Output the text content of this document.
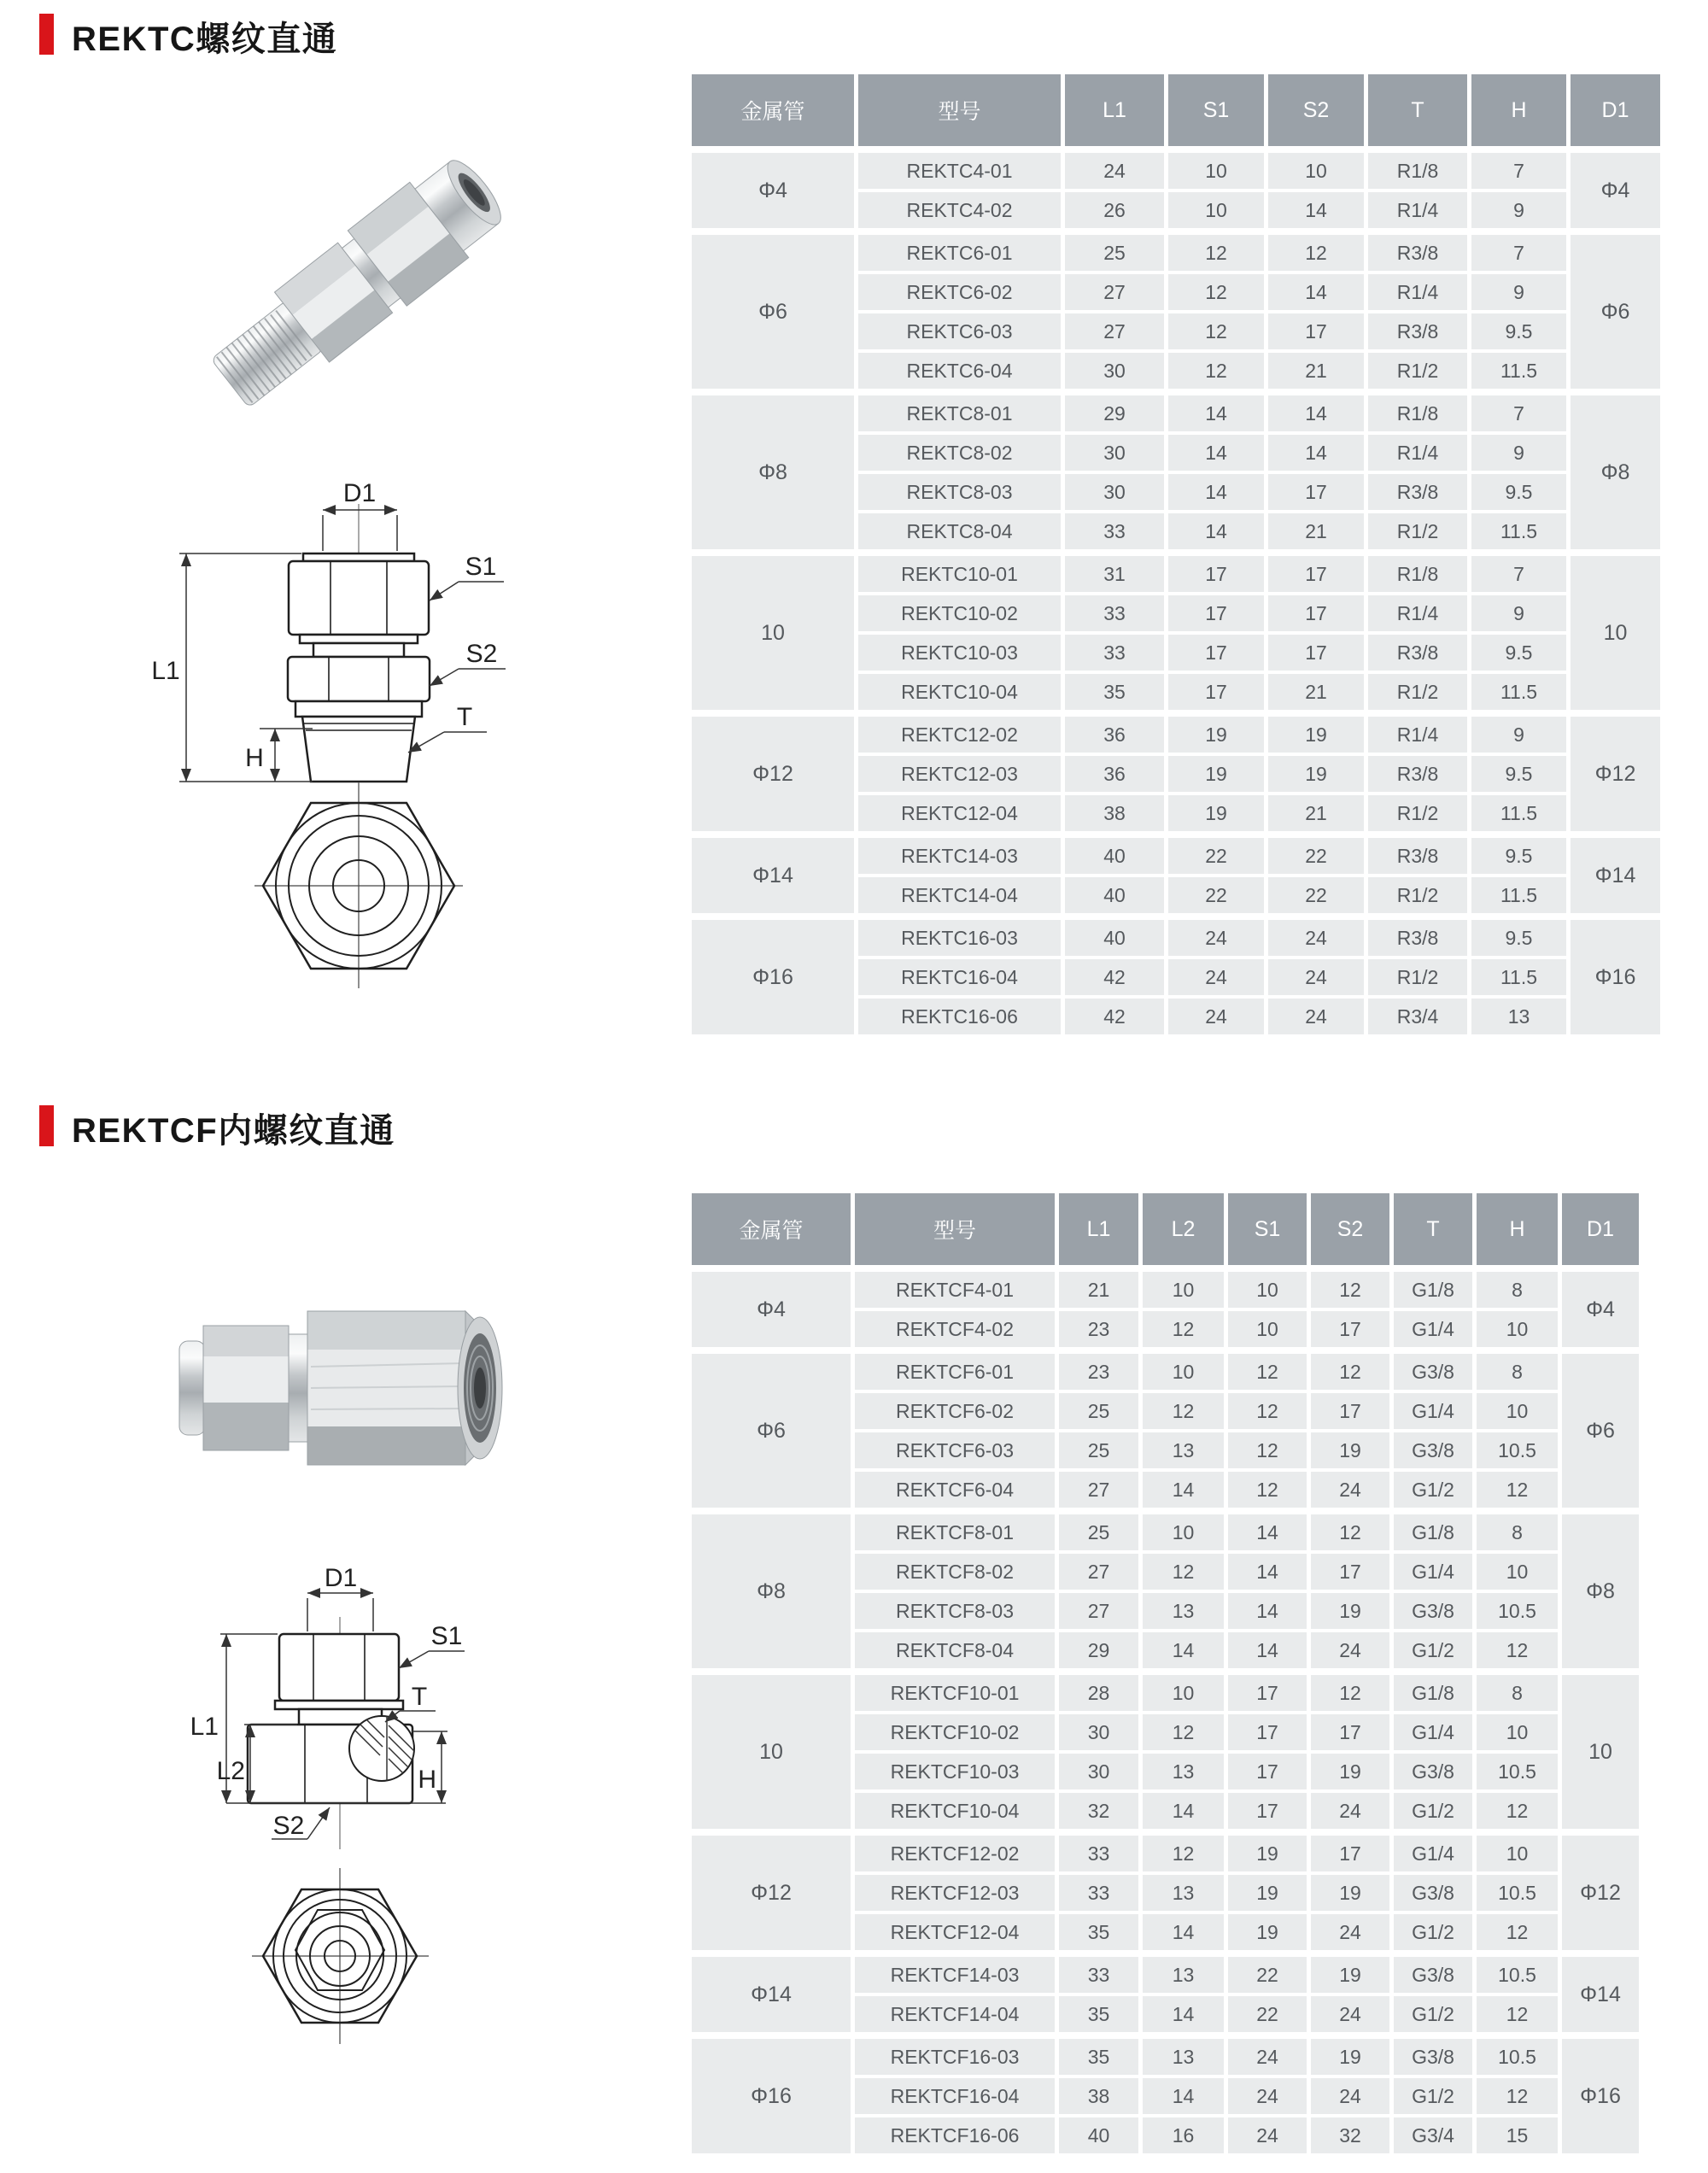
REKTC螺纹直通
D1
L1
H
S1
S2
T
金属管	型号	L1	S1	S2	T	H	D1
Φ4	REKTC4-01	24	10	10	R1/8	7	Φ4
	REKTC4-02	26	10	14	R1/4	9	
Φ6	REKTC6-01	25	12	12	R3/8	7	Φ6
	REKTC6-02	27	12	14	R1/4	9	
	REKTC6-03	27	12	17	R3/8	9.5	
	REKTC6-04	30	12	21	R1/2	11.5	
Φ8	REKTC8-01	29	14	14	R1/8	7	Φ8
	REKTC8-02	30	14	14	R1/4	9	
	REKTC8-03	30	14	17	R3/8	9.5	
	REKTC8-04	33	14	21	R1/2	11.5	
10	REKTC10-01	31	17	17	R1/8	7	10
	REKTC10-02	33	17	17	R1/4	9	
	REKTC10-03	33	17	17	R3/8	9.5	
	REKTC10-04	35	17	21	R1/2	11.5	
Φ12	REKTC12-02	36	19	19	R1/4	9	Φ12
	REKTC12-03	36	19	19	R3/8	9.5	
	REKTC12-04	38	19	21	R1/2	11.5	
Φ14	REKTC14-03	40	22	22	R3/8	9.5	Φ14
	REKTC14-04	40	22	22	R1/2	11.5	
Φ16	REKTC16-03	40	24	24	R3/8	9.5	Φ16
	REKTC16-04	42	24	24	R1/2	11.5	
	REKTC16-06	42	24	24	R3/4	13	
REKTCF内螺纹直通
D1
L1
L2
S1
T
H
S2
金属管	型号	L1	L2	S1	S2	T	H	D1
Φ4	REKTCF4-01	21	10	10	12	G1/8	8	Φ4
	REKTCF4-02	23	12	10	17	G1/4	10	
Φ6	REKTCF6-01	23	10	12	12	G3/8	8	Φ6
	REKTCF6-02	25	12	12	17	G1/4	10	
	REKTCF6-03	25	13	12	19	G3/8	10.5	
	REKTCF6-04	27	14	12	24	G1/2	12	
Φ8	REKTCF8-01	25	10	14	12	G1/8	8	Φ8
	REKTCF8-02	27	12	14	17	G1/4	10	
	REKTCF8-03	27	13	14	19	G3/8	10.5	
	REKTCF8-04	29	14	14	24	G1/2	12	
10	REKTCF10-01	28	10	17	12	G1/8	8	10
	REKTCF10-02	30	12	17	17	G1/4	10	
	REKTCF10-03	30	13	17	19	G3/8	10.5	
	REKTCF10-04	32	14	17	24	G1/2	12	
Φ12	REKTCF12-02	33	12	19	17	G1/4	10	Φ12
	REKTCF12-03	33	13	19	19	G3/8	10.5	
	REKTCF12-04	35	14	19	24	G1/2	12	
Φ14	REKTCF14-03	33	13	22	19	G3/8	10.5	Φ14
	REKTCF14-04	35	14	22	24	G1/2	12	
Φ16	REKTCF16-03	35	13	24	19	G3/8	10.5	Φ16
	REKTCF16-04	38	14	24	24	G1/2	12	
	REKTCF16-06	40	16	24	32	G3/4	15	
